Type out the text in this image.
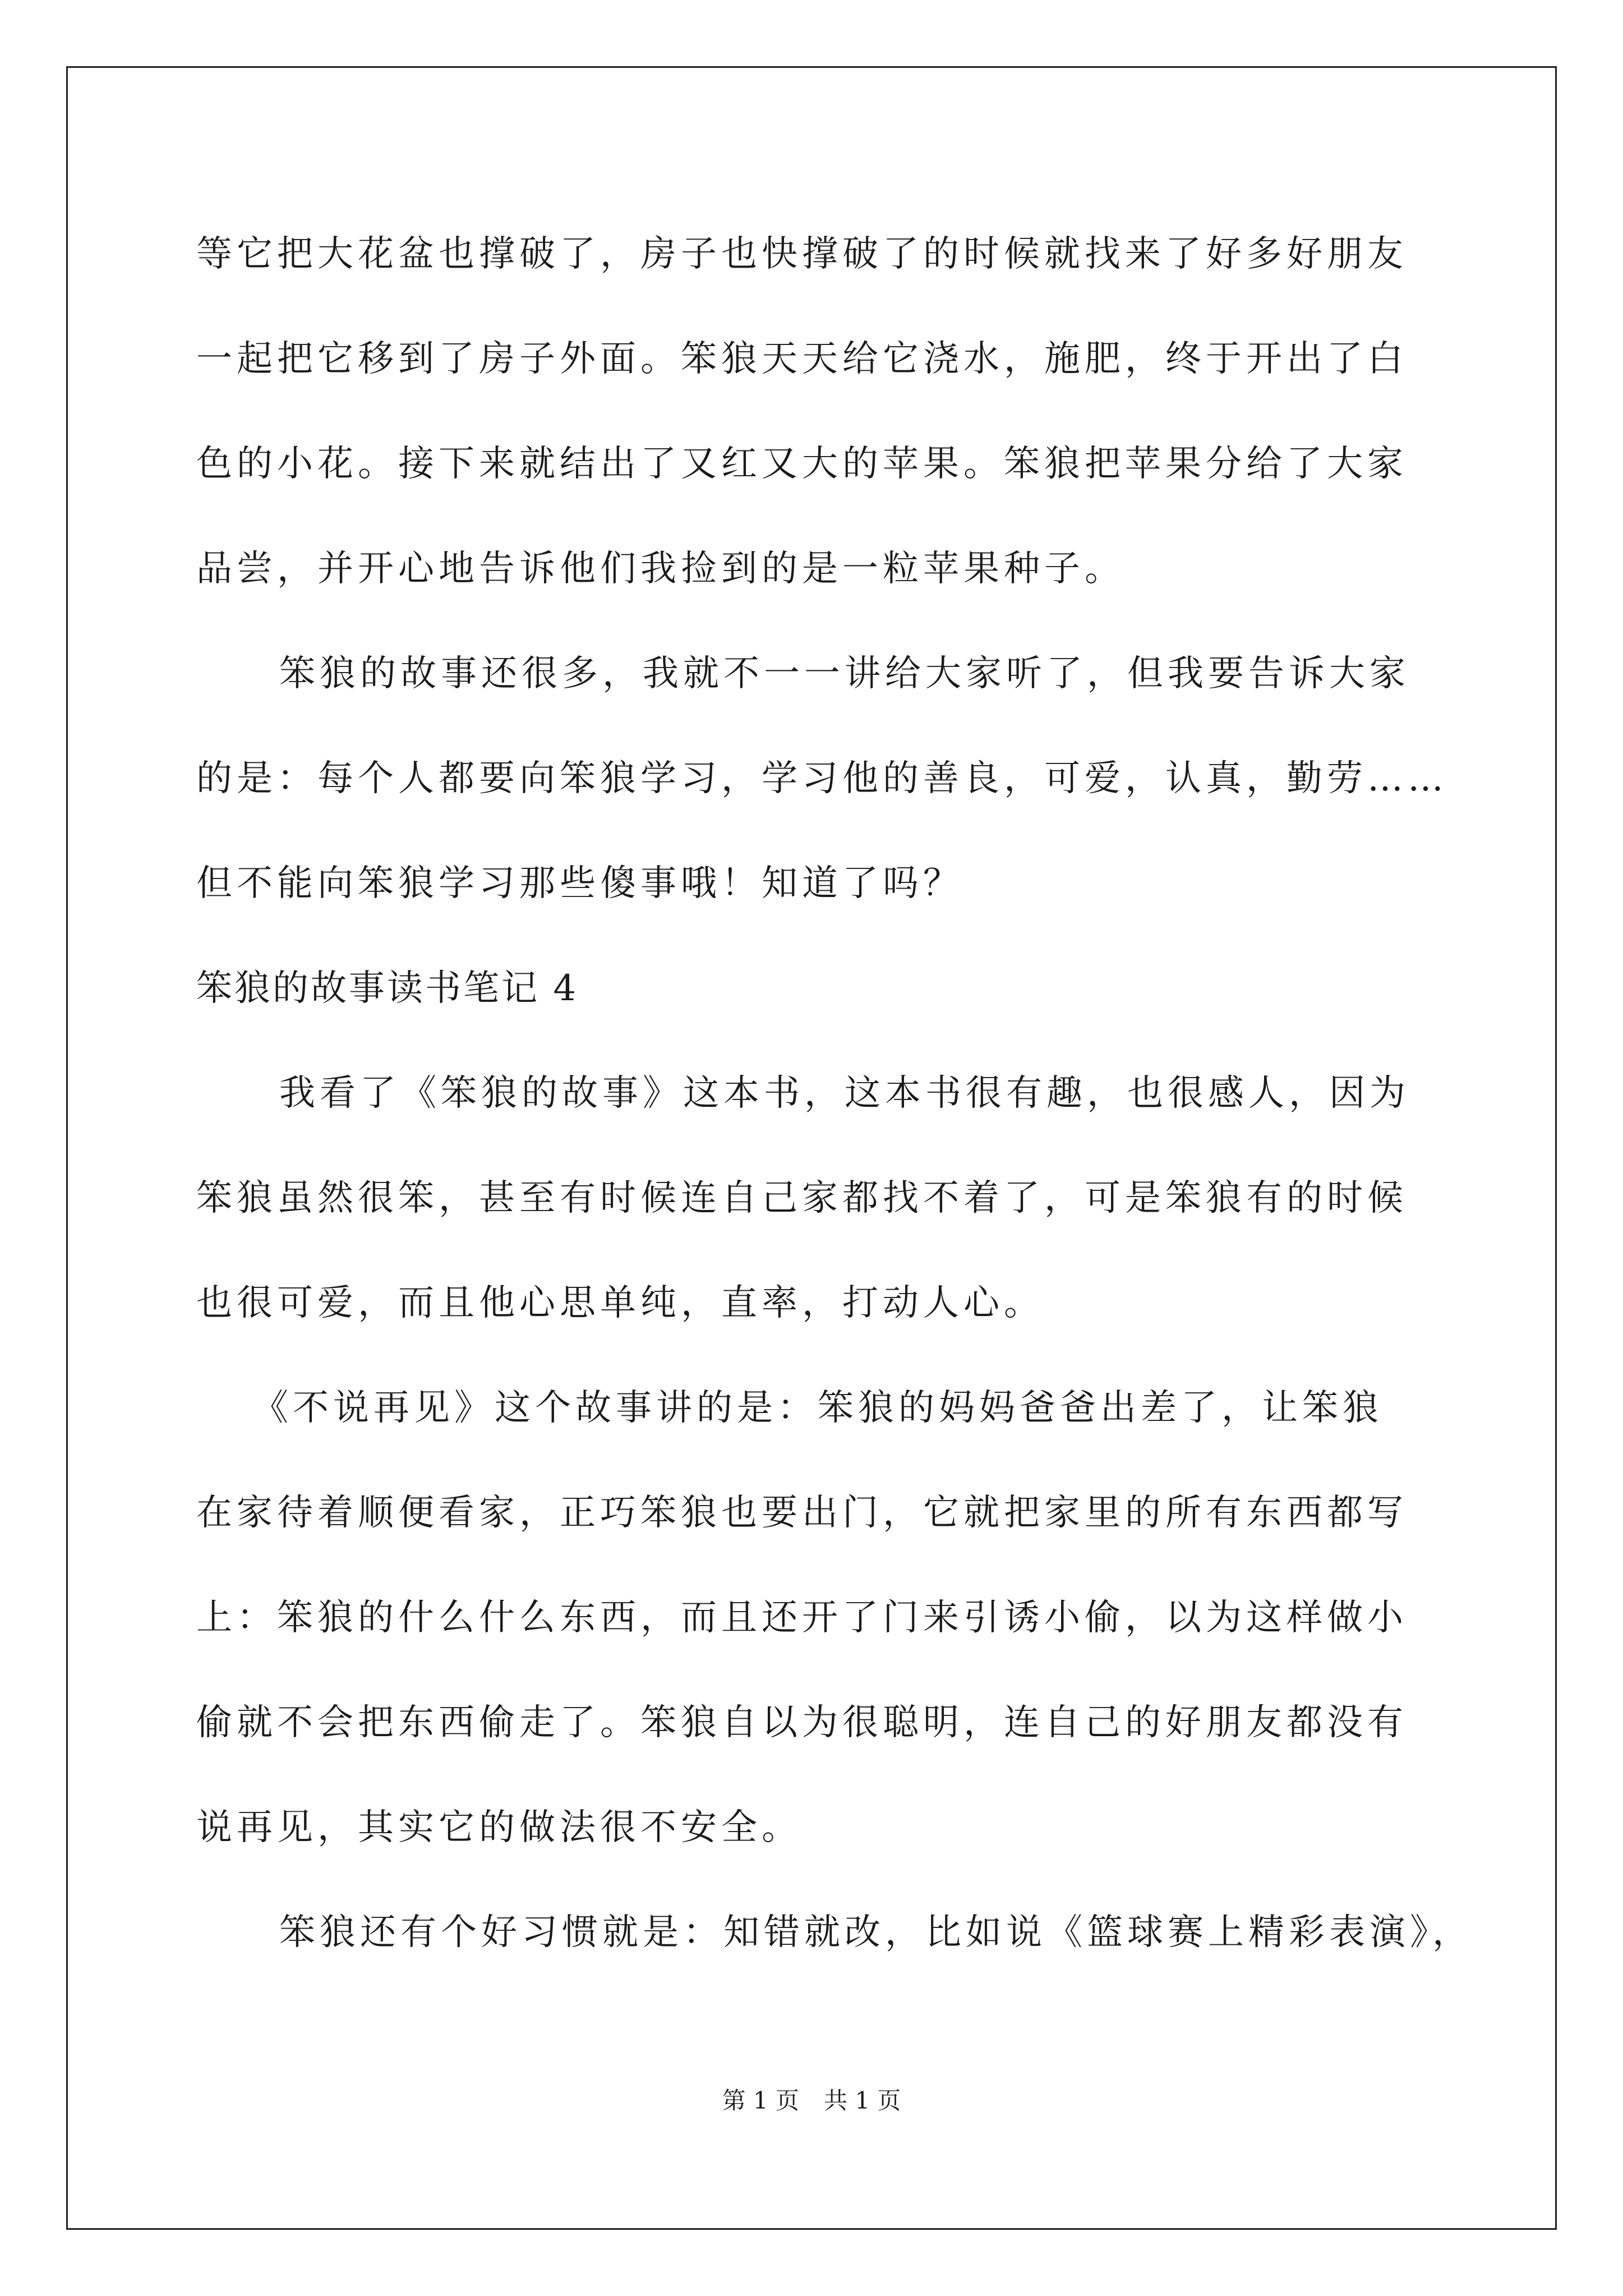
等它把大花盆也撑破了，房子也快撑破了的时候就找来了好多好朋友
一起把它移到了房子外面。笨狼天天给它浇水，施肥，终于开出了白
色的小花。接下来就结出了又红又大的苹果。笨狼把苹果分给了大家
品尝，并开心地告诉他们我捡到的是一粒苹果种子。
笨狼的故事还很多，我就不一一讲给大家听了，但我要告诉大家
的是：每个人都要向笨狼学习，学习他的善良，可爱，认真，勤劳……
但不能向笨狼学习那些傻事哦！知道了吗？
笨狼的故事读书笔记 4
我看了《笨狼的故事》这本书，这本书很有趣，也很感人，因为
笨狼虽然很笨，甚至有时候连自己家都找不着了，可是笨狼有的时候
也很可爱，而且他心思单纯，直率，打动人心。
《不说再见》这个故事讲的是：笨狼的妈妈爸爸出差了，让笨狼
在家待着顺便看家，正巧笨狼也要出门，它就把家里的所有东西都写
上：笨狼的什么什么东西，而且还开了门来引诱小偷，以为这样做小
偷就不会把东西偷走了。笨狼自以为很聪明，连自己的好朋友都没有
说再见，其实它的做法很不安全。
笨狼还有个好习惯就是：知错就改，比如说《篮球赛上精彩表演》，
第 1 页 共 1 页
